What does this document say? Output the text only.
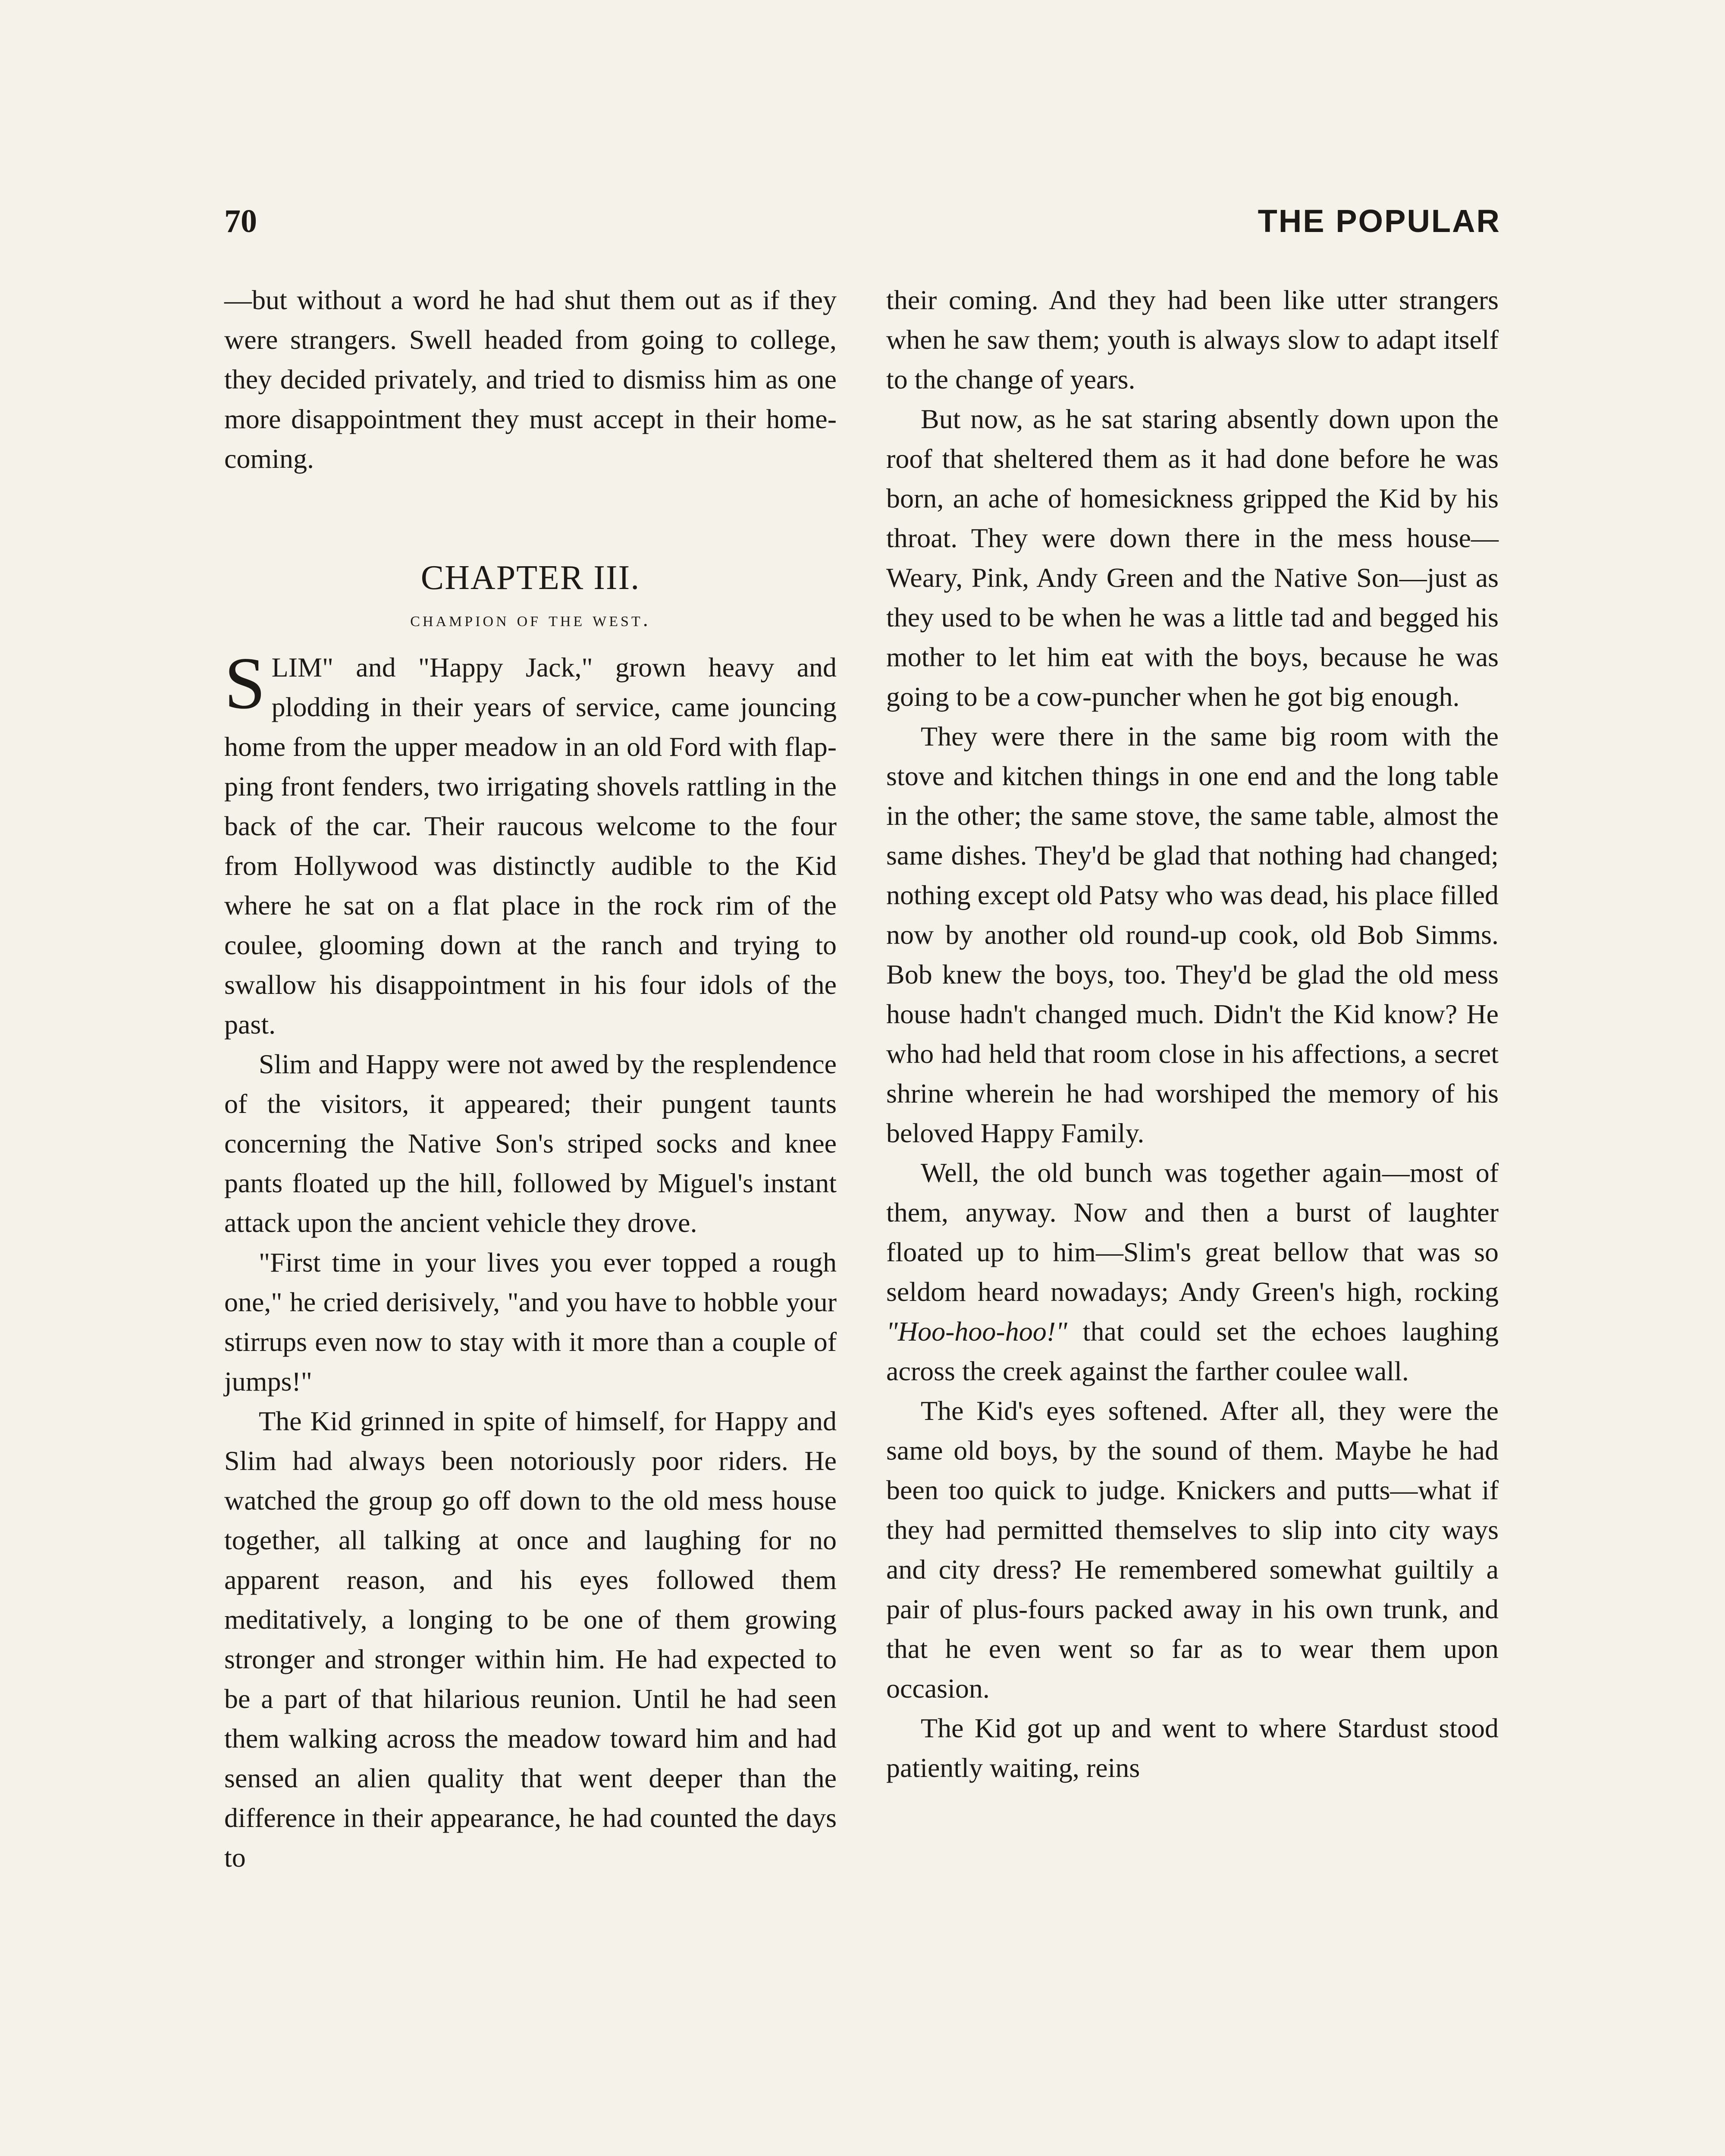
70	THE POPULAR

—but without a word he had shut them out as if they were strangers. Swell headed from going to college, they decided privately, and tried to dismiss him as one more disappointment they must accept in their home-coming.

CHAPTER III.
champion of the west.

SLIM" and "Happy Jack," grown heavy and plodding in their years of service, came jouncing home from the upper meadow in an old Ford with flapping front fenders, two irrigating shovels rattling in the back of the car. Their raucous welcome to the four from Hollywood was distinctly audible to the Kid where he sat on a flat place in the rock rim of the coulee, glooming down at the ranch and trying to swallow his disappointment in his four idols of the past.

Slim and Happy were not awed by the resplendence of the visitors, it appeared; their pungent taunts concerning the Native Son's striped socks and knee pants floated up the hill, followed by Miguel's instant attack upon the ancient vehicle they drove.

"First time in your lives you ever topped a rough one," he cried derisively, "and you have to hobble your stirrups even now to stay with it more than a couple of jumps!"

The Kid grinned in spite of himself, for Happy and Slim had always been notoriously poor riders. He watched the group go off down to the old mess house together, all talking at once and laughing for no apparent reason, and his eyes followed them meditatively, a longing to be one of them growing stronger and stronger within him. He had expected to be a part of that hilarious reunion. Until he had seen them walking across the meadow toward him and had sensed an alien quality that went deeper than the difference in their appearance, he had counted the days to

their coming. And they had been like utter strangers when he saw them; youth is always slow to adapt itself to the change of years.

But now, as he sat staring absently down upon the roof that sheltered them as it had done before he was born, an ache of homesickness gripped the Kid by his throat. They were down there in the mess house—Weary, Pink, Andy Green and the Native Son—just as they used to be when he was a little tad and begged his mother to let him eat with the boys, because he was going to be a cow-puncher when he got big enough.

They were there in the same big room with the stove and kitchen things in one end and the long table in the other; the same stove, the same table, almost the same dishes. They'd be glad that nothing had changed; nothing except old Patsy who was dead, his place filled now by another old round-up cook, old Bob Simms. Bob knew the boys, too. They'd be glad the old mess house hadn't changed much. Didn't the Kid know? He who had held that room close in his affections, a secret shrine wherein he had worshiped the memory of his beloved Happy Family.

Well, the old bunch was together again—most of them, anyway. Now and then a burst of laughter floated up to him—Slim's great bellow that was so seldom heard nowadays; Andy Green's high, rocking "Hoo-hoo-hoo!" that could set the echoes laughing across the creek against the farther coulee wall.

The Kid's eyes softened. After all, they were the same old boys, by the sound of them. Maybe he had been too quick to judge. Knickers and putts—what if they had permitted themselves to slip into city ways and city dress? He remembered somewhat guiltily a pair of plus-fours packed away in his own trunk, and that he even went so far as to wear them upon occasion.

The Kid got up and went to where Stardust stood patiently waiting, reins
